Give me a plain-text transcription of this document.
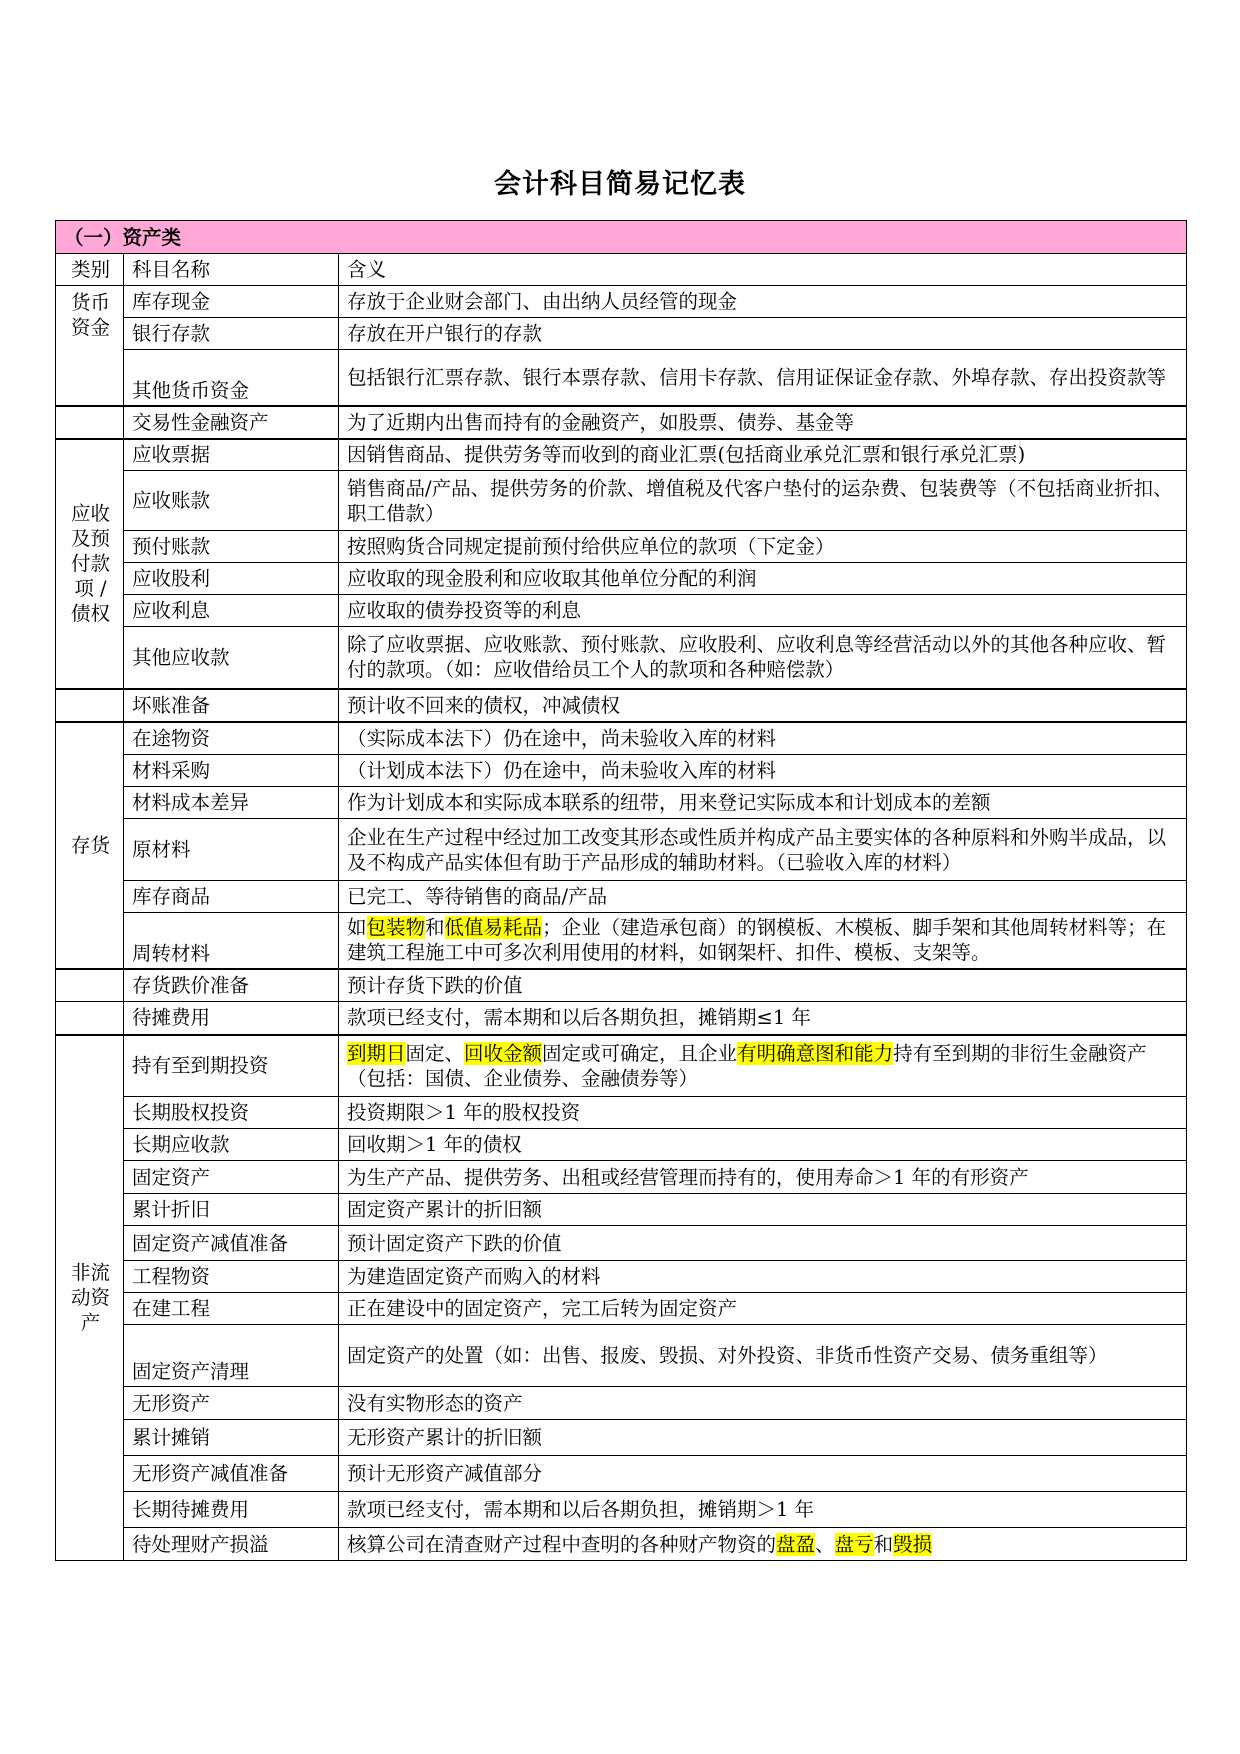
会计科目简易记忆表
（一）资产类		
类别	科目名称	含义
货币资金	库存现金	存放于企业财会部门、由出纳人员经管的现金
	银行存款	存放在开户银行的存款
	其他货币资金	包括银行汇票存款、银行本票存款、信用卡存款、信用证保证金存款、外埠存款、存出投资款等
	交易性金融资产	为了近期内出售而持有的金融资产，如股票、债券、基金等
应收及预付款项 / 债权	应收票据	因销售商品、提供劳务等而收到的商业汇票(包括商业承兑汇票和银行承兑汇票)
	应收账款	销售商品/产品、提供劳务的价款、增值税及代客户垫付的运杂费、包装费等（不包括商业折扣、职工借款）
	预付账款	按照购货合同规定提前预付给供应单位的款项（下定金）
	应收股利	应收取的现金股利和应收取其他单位分配的利润
	应收利息	应收取的债券投资等的利息
	其他应收款	除了应收票据、应收账款、预付账款、应收股利、应收利息等经营活动以外的其他各种应收、暂付的款项。（如：应收借给员工个人的款项和各种赔偿款）
	坏账准备	预计收不回来的债权，冲减债权
存货	在途物资	（实际成本法下）仍在途中，尚未验收入库的材料
	材料采购	（计划成本法下）仍在途中，尚未验收入库的材料
	材料成本差异	作为计划成本和实际成本联系的纽带，用来登记实际成本和计划成本的差额
	原材料	企业在生产过程中经过加工改变其形态或性质并构成产品主要实体的各种原料和外购半成品，以及不构成产品实体但有助于产品形成的辅助材料。（已验收入库的材料）
	库存商品	已完工、等待销售的商品/产品
	周转材料	如包装物和低值易耗品；企业（建造承包商）的钢模板、木模板、脚手架和其他周转材料等；在建筑工程施工中可多次利用使用的材料，如钢架杆、扣件、模板、支架等。
	存货跌价准备	预计存货下跌的价值
	待摊费用	款项已经支付，需本期和以后各期负担，摊销期≤1 年
非流动资产	持有至到期投资	到期日固定、回收金额固定或可确定，且企业有明确意图和能力持有至到期的非衍生金融资产（包括：国债、企业债券、金融债券等）
	长期股权投资	投资期限＞1 年的股权投资
	长期应收款	回收期＞1 年的债权
	固定资产	为生产产品、提供劳务、出租或经营管理而持有的，使用寿命＞1 年的有形资产
	累计折旧	固定资产累计的折旧额
	固定资产减值准备	预计固定资产下跌的价值
	工程物资	为建造固定资产而购入的材料
	在建工程	正在建设中的固定资产，完工后转为固定资产
	固定资产清理	固定资产的处置（如：出售、报废、毁损、对外投资、非货币性资产交易、债务重组等）
	无形资产	没有实物形态的资产
	累计摊销	无形资产累计的折旧额
	无形资产减值准备	预计无形资产减值部分
	长期待摊费用	款项已经支付，需本期和以后各期负担，摊销期＞1 年
	待处理财产损溢	核算公司在清查财产过程中查明的各种财产物资的盘盈、盘亏和毁损
